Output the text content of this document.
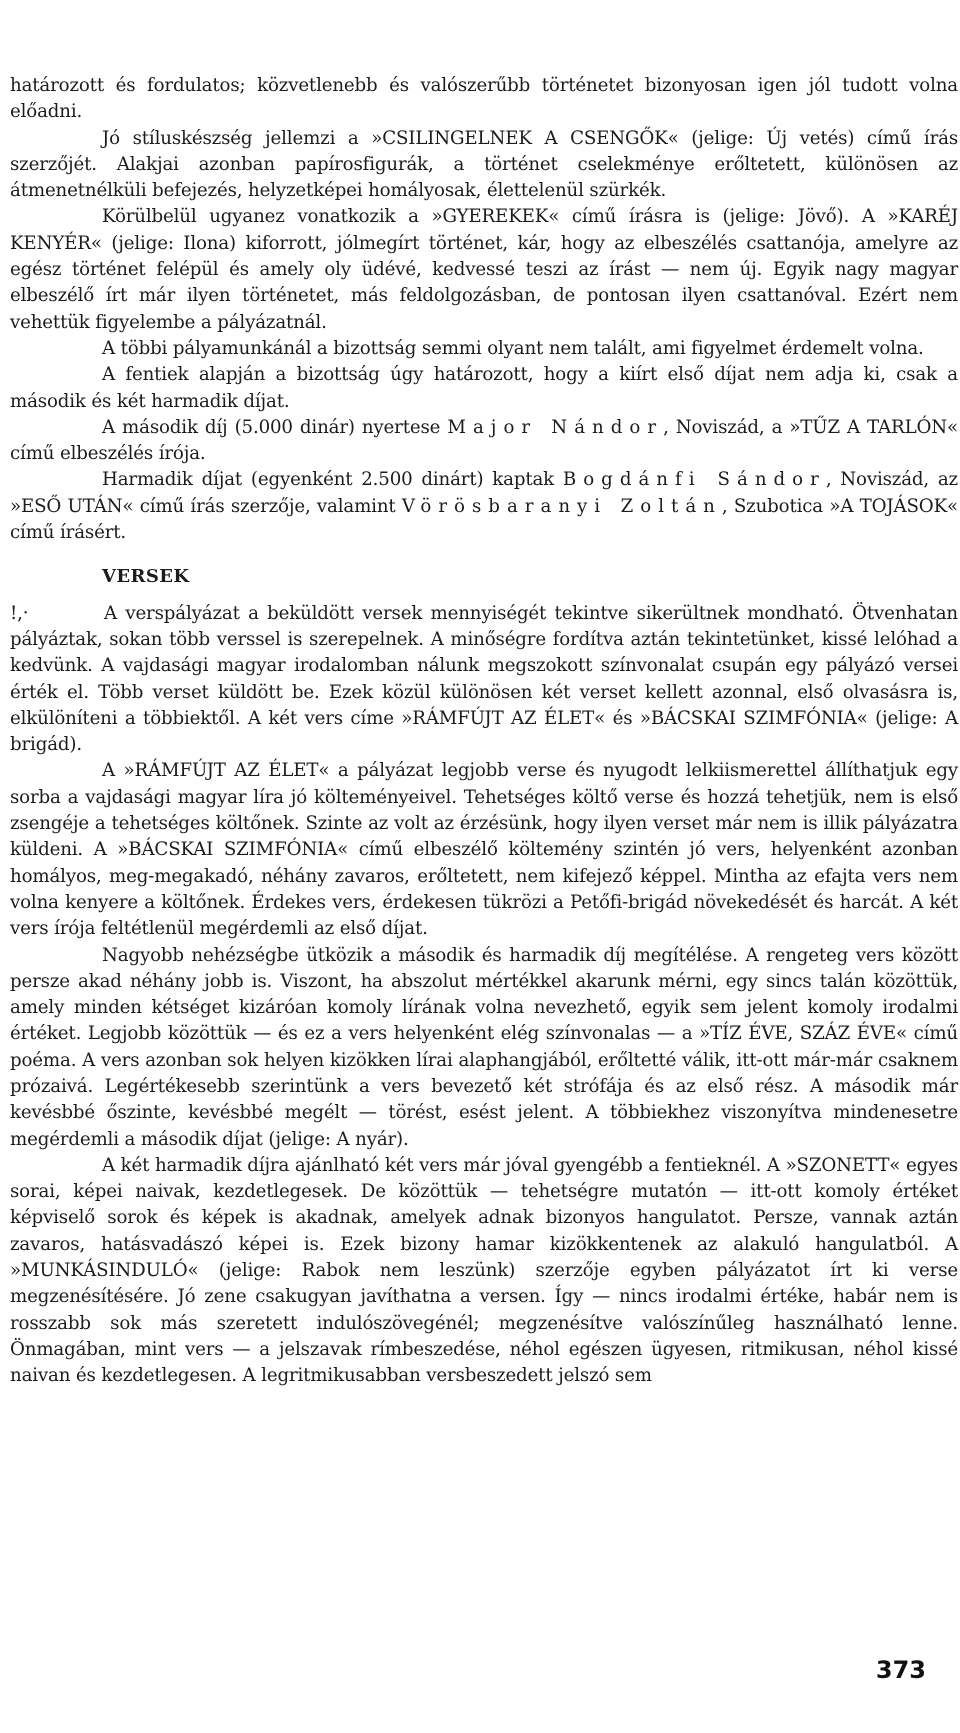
határozott és fordulatos; közvetlenebb és valószerűbb történetet bizonyosan igen jól tudott volna előadni.

Jó stíluskészség jellemzi a »CSILINGELNEK A CSENGŐK« (jelige: Új vetés) című írás szerzőjét. Alakjai azonban papírosfigurák, a történet cselekménye erőltetett, különösen az átmenetnélküli befejezés, helyzetképei homályosak, élettelenül szürkék.

Körülbelül ugyanez vonatkozik a »GYEREKEK« című írásra is (jelige: Jövő). A »KARÉJ KENYÉR« (jelige: Ilona) kiforrott, jólmegírt történet, kár, hogy az elbeszélés csattanója, amelyre az egész történet felépül és amely oly üdévé, kedvessé teszi az írást — nem új. Egyik nagy magyar elbeszélő írt már ilyen történetet, más feldolgozásban, de pontosan ilyen csattanóval. Ezért nem vehettük figyelembe a pályázatnál.

A többi pályamunkánál a bizottság semmi olyant nem talált, ami figyelmet érdemelt volna.

A fentiek alapján a bizottság úgy határozott, hogy a kiírt első díjat nem adja ki, csak a második és két harmadik díjat.

A második díj (5.000 dinár) nyertese Major Nándor, Noviszád, a »TŰZ A TARLÓN« című elbeszélés írója.

Harmadik díjat (egyenként 2.500 dinárt) kaptak Bogdánfi Sándor, Noviszád, az »ESŐ UTÁN« című írás szerzője, valamint Vörösbaranyi Zoltán, Szubotica »A TOJÁSOK« című írásért.

VERSEK

!,·	A verspályázat a beküldött versek mennyiségét tekintve sikerültnek mondható. Ötvenhatan pályáztak, sokan több verssel is szerepelnek. A minőségre fordítva aztán tekintetünket, kissé lelóhad a kedvünk. A vajdasági magyar irodalomban nálunk megszokott színvonalat csupán egy pályázó versei érték el. Több verset küldött be. Ezek közül különösen két verset kellett azonnal, első olvasásra is, elkülöníteni a többiektől. A két vers címe »RÁMFÚJT AZ ÉLET« és »BÁCSKAI SZIMFÓNIA« (jelige: A brigád).

A »RÁMFÚJT AZ ÉLET« a pályázat legjobb verse és nyugodt lelkiismerettel állíthatjuk egy sorba a vajdasági magyar líra jó költeményeivel. Tehetséges költő verse és hozzá tehetjük, nem is első zsengéje a tehetséges költőnek. Szinte az volt az érzésünk, hogy ilyen verset már nem is illik pályázatra küldeni. A »BÁCSKAI SZIMFÓNIA« című elbeszélő költemény szintén jó vers, helyenként azonban homályos, meg-megakadó, néhány zavaros, erőltetett, nem kifejező képpel. Mintha az efajta vers nem volna kenyere a költőnek. Érdekes vers, érdekesen tükrözi a Petőfi-brigád növekedését és harcát. A két vers írója feltétlenül megérdemli az első díjat.

Nagyobb nehézségbe ütközik a második és harmadik díj megítélése. A rengeteg vers között persze akad néhány jobb is. Viszont, ha abszolut mértékkel akarunk mérni, egy sincs talán közöttük, amely minden kétséget kizáróan komoly lírának volna nevezhető, egyik sem jelent komoly irodalmi értéket. Legjobb közöttük — és ez a vers helyenként elég színvonalas — a »TÍZ ÉVE, SZÁZ ÉVE« című poéma. A vers azonban sok helyen kizökken lírai alaphangjából, erőltetté válik, itt-ott már-már csaknem prózaivá. Legértékesebb szerintünk a vers bevezető két strófája és az első rész. A második már kevésbbé őszinte, kevésbbé megélt — törést, esést jelent. A többiekhez viszonyítva mindenesetre megérdemli a második díjat (jelige: A nyár).

A két harmadik díjra ajánlható két vers már jóval gyengébb a fentieknél. A »SZONETT« egyes sorai, képei naivak, kezdetlegesek. De közöttük — tehetségre mutatón — itt-ott komoly értéket képviselő sorok és képek is akadnak, amelyek adnak bizonyos hangulatot. Persze, vannak aztán zavaros, hatásvadászó képei is. Ezek bizony hamar kizökkentenek az alakuló hangulatból. A »MUNKÁSINDULÓ« (jelige: Rabok nem leszünk) szerzője egyben pályázatot írt ki verse megzenésítésére. Jó zene csakugyan javíthatna a versen. Így — nincs irodalmi értéke, habár nem is rosszabb sok más szeretett indulószövegénél; megzenésítve valószínűleg használható lenne. Önmagában, mint vers — a jelszavak rímbeszedése, néhol egészen ügyesen, ritmikusan, néhol kissé naivan és kezdetlegesen. A legritmikusabban versbeszedett jelszó sem

373
